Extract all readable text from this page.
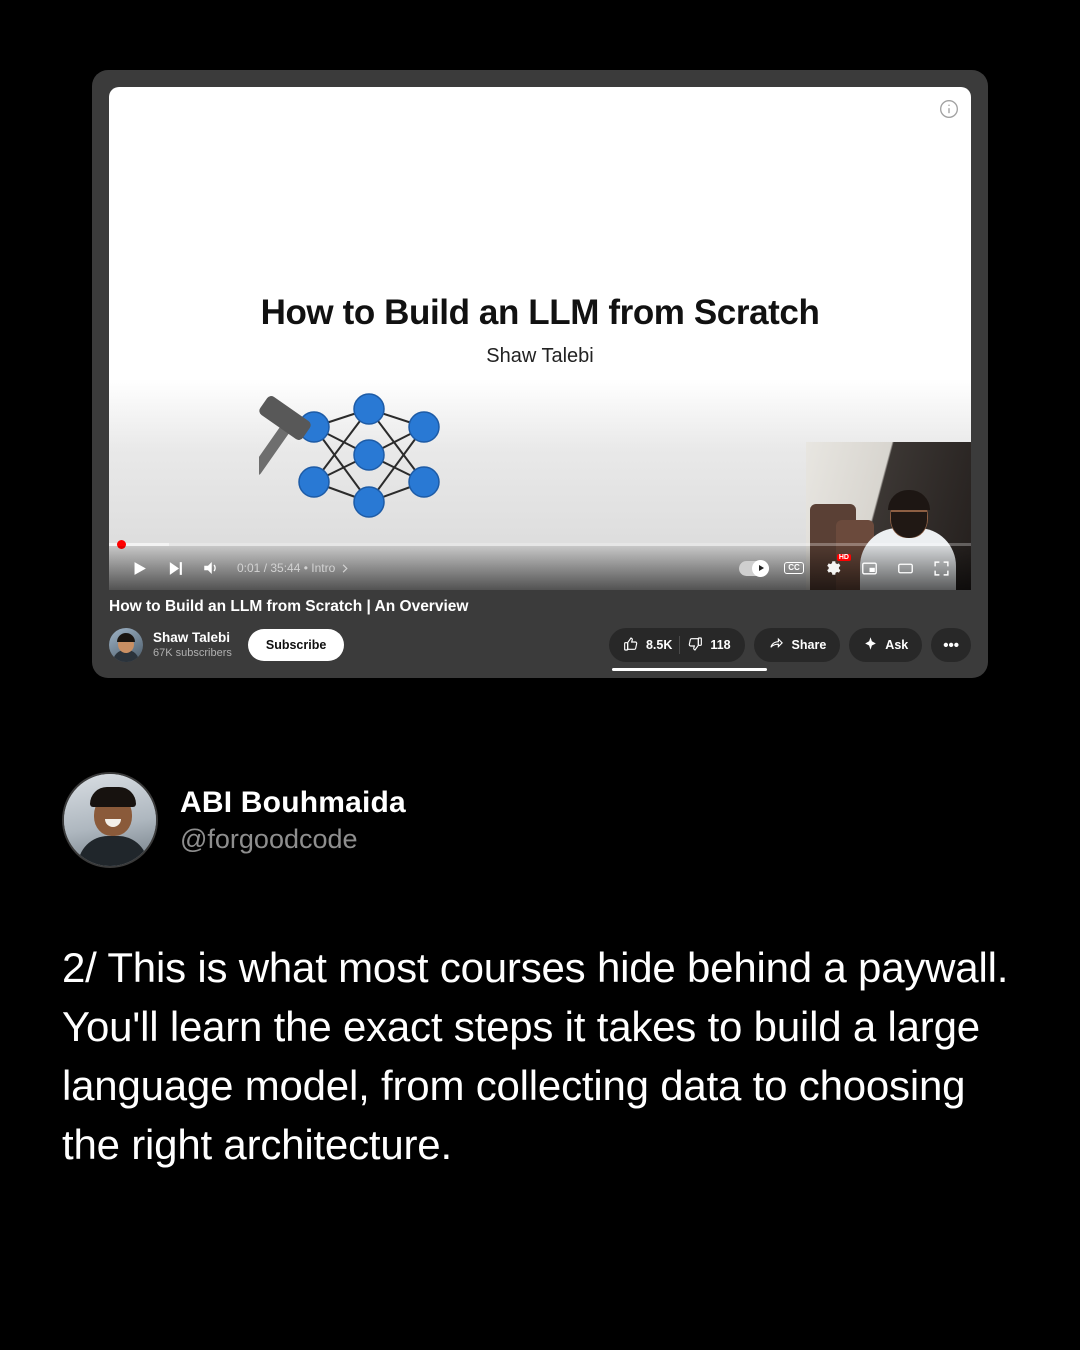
How to Build an LLM from Scratch
Shaw Talebi
0:01 / 35:44 • Intro	CC
HD
How to Build an LLM from Scratch | An Overview
Shaw Talebi
67K subscribers
Subscribe	8.5K	118	Share	Ask	•••
ABI Bouhmaida
@forgoodcode
2/ This is what most courses hide behind a paywall. You'll learn the exact steps it takes to build a large language model, from collecting data to choosing the right architecture.
